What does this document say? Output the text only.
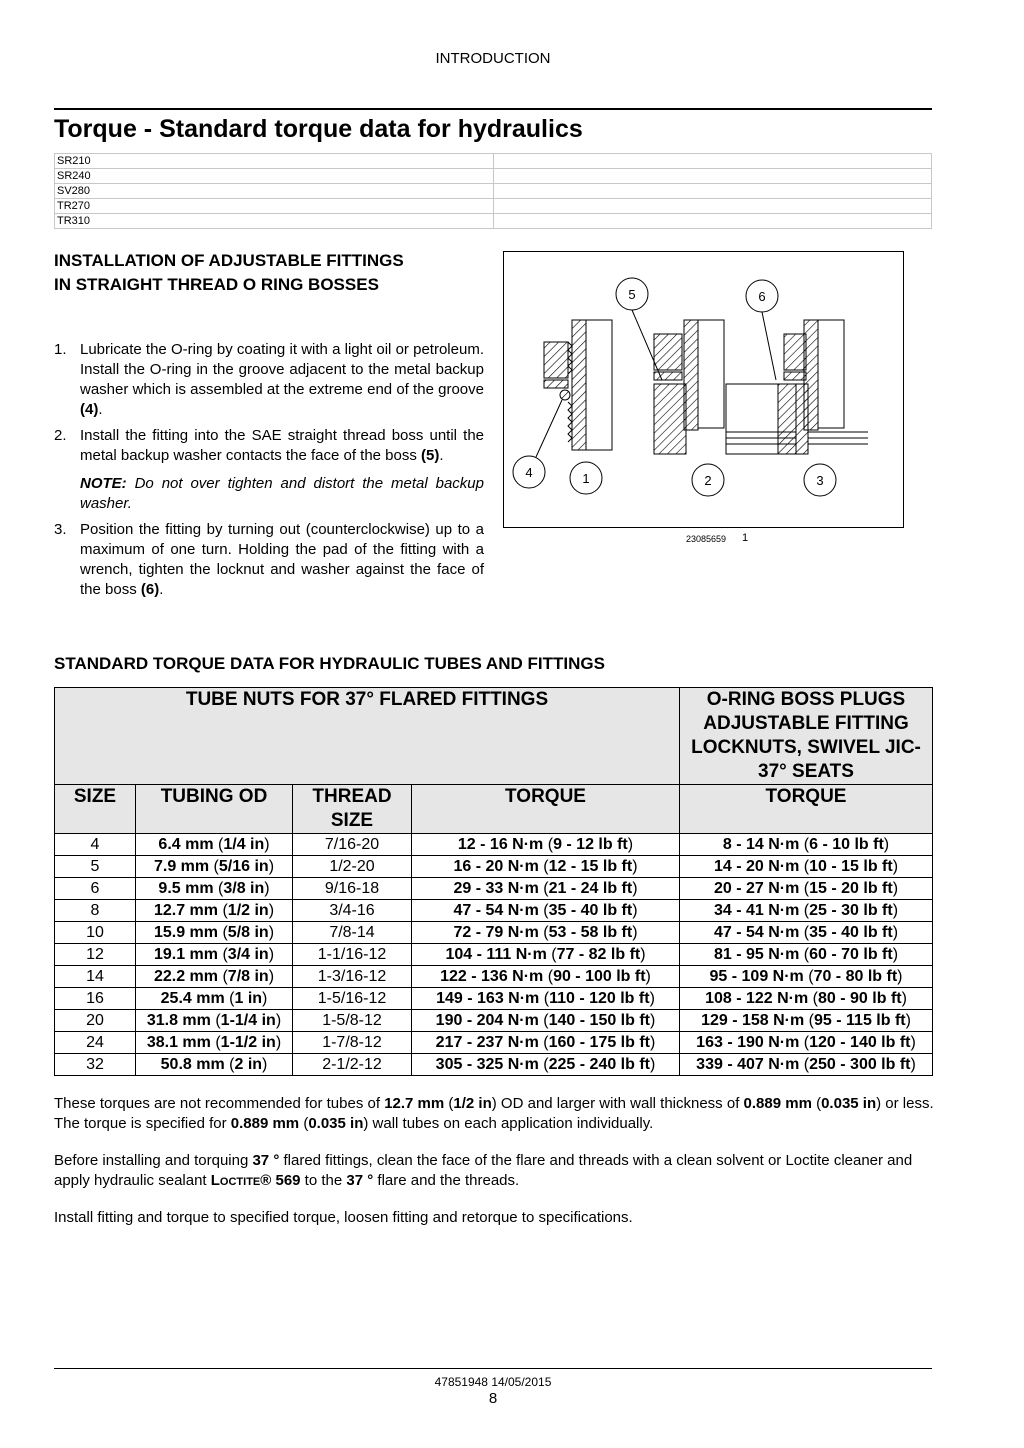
INTRODUCTION
Torque - Standard torque data for hydraulics
SR210	
SR240	
SV280	
TR270	
TR310	
INSTALLATION OF ADJUSTABLE FITTINGS
IN STRAIGHT THREAD O RING BOSSES
1. Lubricate the O-ring by coating it with a light oil or petroleum. Install the O-ring in the groove adjacent to the metal backup washer which is assembled at the extreme end of the groove (4).
2. Install the fitting into the SAE straight thread boss until the metal backup washer contacts the face of the boss (5).
NOTE: Do not over tighten and distort the metal backup washer.
3. Position the fitting by turning out (counterclockwise) up to a maximum of one turn. Holding the pad of the fitting with a wrench, tighten the locknut and washer against the face of the boss (6).
5	6
4	1	2	3
23085659 1
STANDARD TORQUE DATA FOR HYDRAULIC TUBES AND FITTINGS
TUBE NUTS FOR 37° FLARED FITTINGS				O-RING BOSS PLUGS ADJUSTABLE FITTING LOCKNUTS, SWIVEL JIC- 37° SEATS
SIZE	TUBING OD	THREAD SIZE	TORQUE	TORQUE
4	6.4 mm (1/4 in)	7/16-20	12 - 16 N·m (9 - 12 lb ft)	8 - 14 N·m (6 - 10 lb ft)
5	7.9 mm (5/16 in)	1/2-20	16 - 20 N·m (12 - 15 lb ft)	14 - 20 N·m (10 - 15 lb ft)
6	9.5 mm (3/8 in)	9/16-18	29 - 33 N·m (21 - 24 lb ft)	20 - 27 N·m (15 - 20 lb ft)
8	12.7 mm (1/2 in)	3/4-16	47 - 54 N·m (35 - 40 lb ft)	34 - 41 N·m (25 - 30 lb ft)
10	15.9 mm (5/8 in)	7/8-14	72 - 79 N·m (53 - 58 lb ft)	47 - 54 N·m (35 - 40 lb ft)
12	19.1 mm (3/4 in)	1-1/16-12	104 - 111 N·m (77 - 82 lb ft)	81 - 95 N·m (60 - 70 lb ft)
14	22.2 mm (7/8 in)	1-3/16-12	122 - 136 N·m (90 - 100 lb ft)	95 - 109 N·m (70 - 80 lb ft)
16	25.4 mm (1 in)	1-5/16-12	149 - 163 N·m (110 - 120 lb ft)	108 - 122 N·m (80 - 90 lb ft)
20	31.8 mm (1-1/4 in)	1-5/8-12	190 - 204 N·m (140 - 150 lb ft)	129 - 158 N·m (95 - 115 lb ft)
24	38.1 mm (1-1/2 in)	1-7/8-12	217 - 237 N·m (160 - 175 lb ft)	163 - 190 N·m (120 - 140 lb ft)
32	50.8 mm (2 in)	2-1/2-12	305 - 325 N·m (225 - 240 lb ft)	339 - 407 N·m (250 - 300 lb ft)
These torques are not recommended for tubes of 12.7 mm (1/2 in) OD and larger with wall thickness of 0.889 mm (0.035 in) or less. The torque is specified for 0.889 mm (0.035 in) wall tubes on each application individually.
Before installing and torquing 37 ° flared fittings, clean the face of the flare and threads with a clean solvent or Loctite cleaner and apply hydraulic sealant Loctite® 569 to the 37 ° flare and the threads.
Install fitting and torque to specified torque, loosen fitting and retorque to specifications.
47851948 14/05/2015
8
